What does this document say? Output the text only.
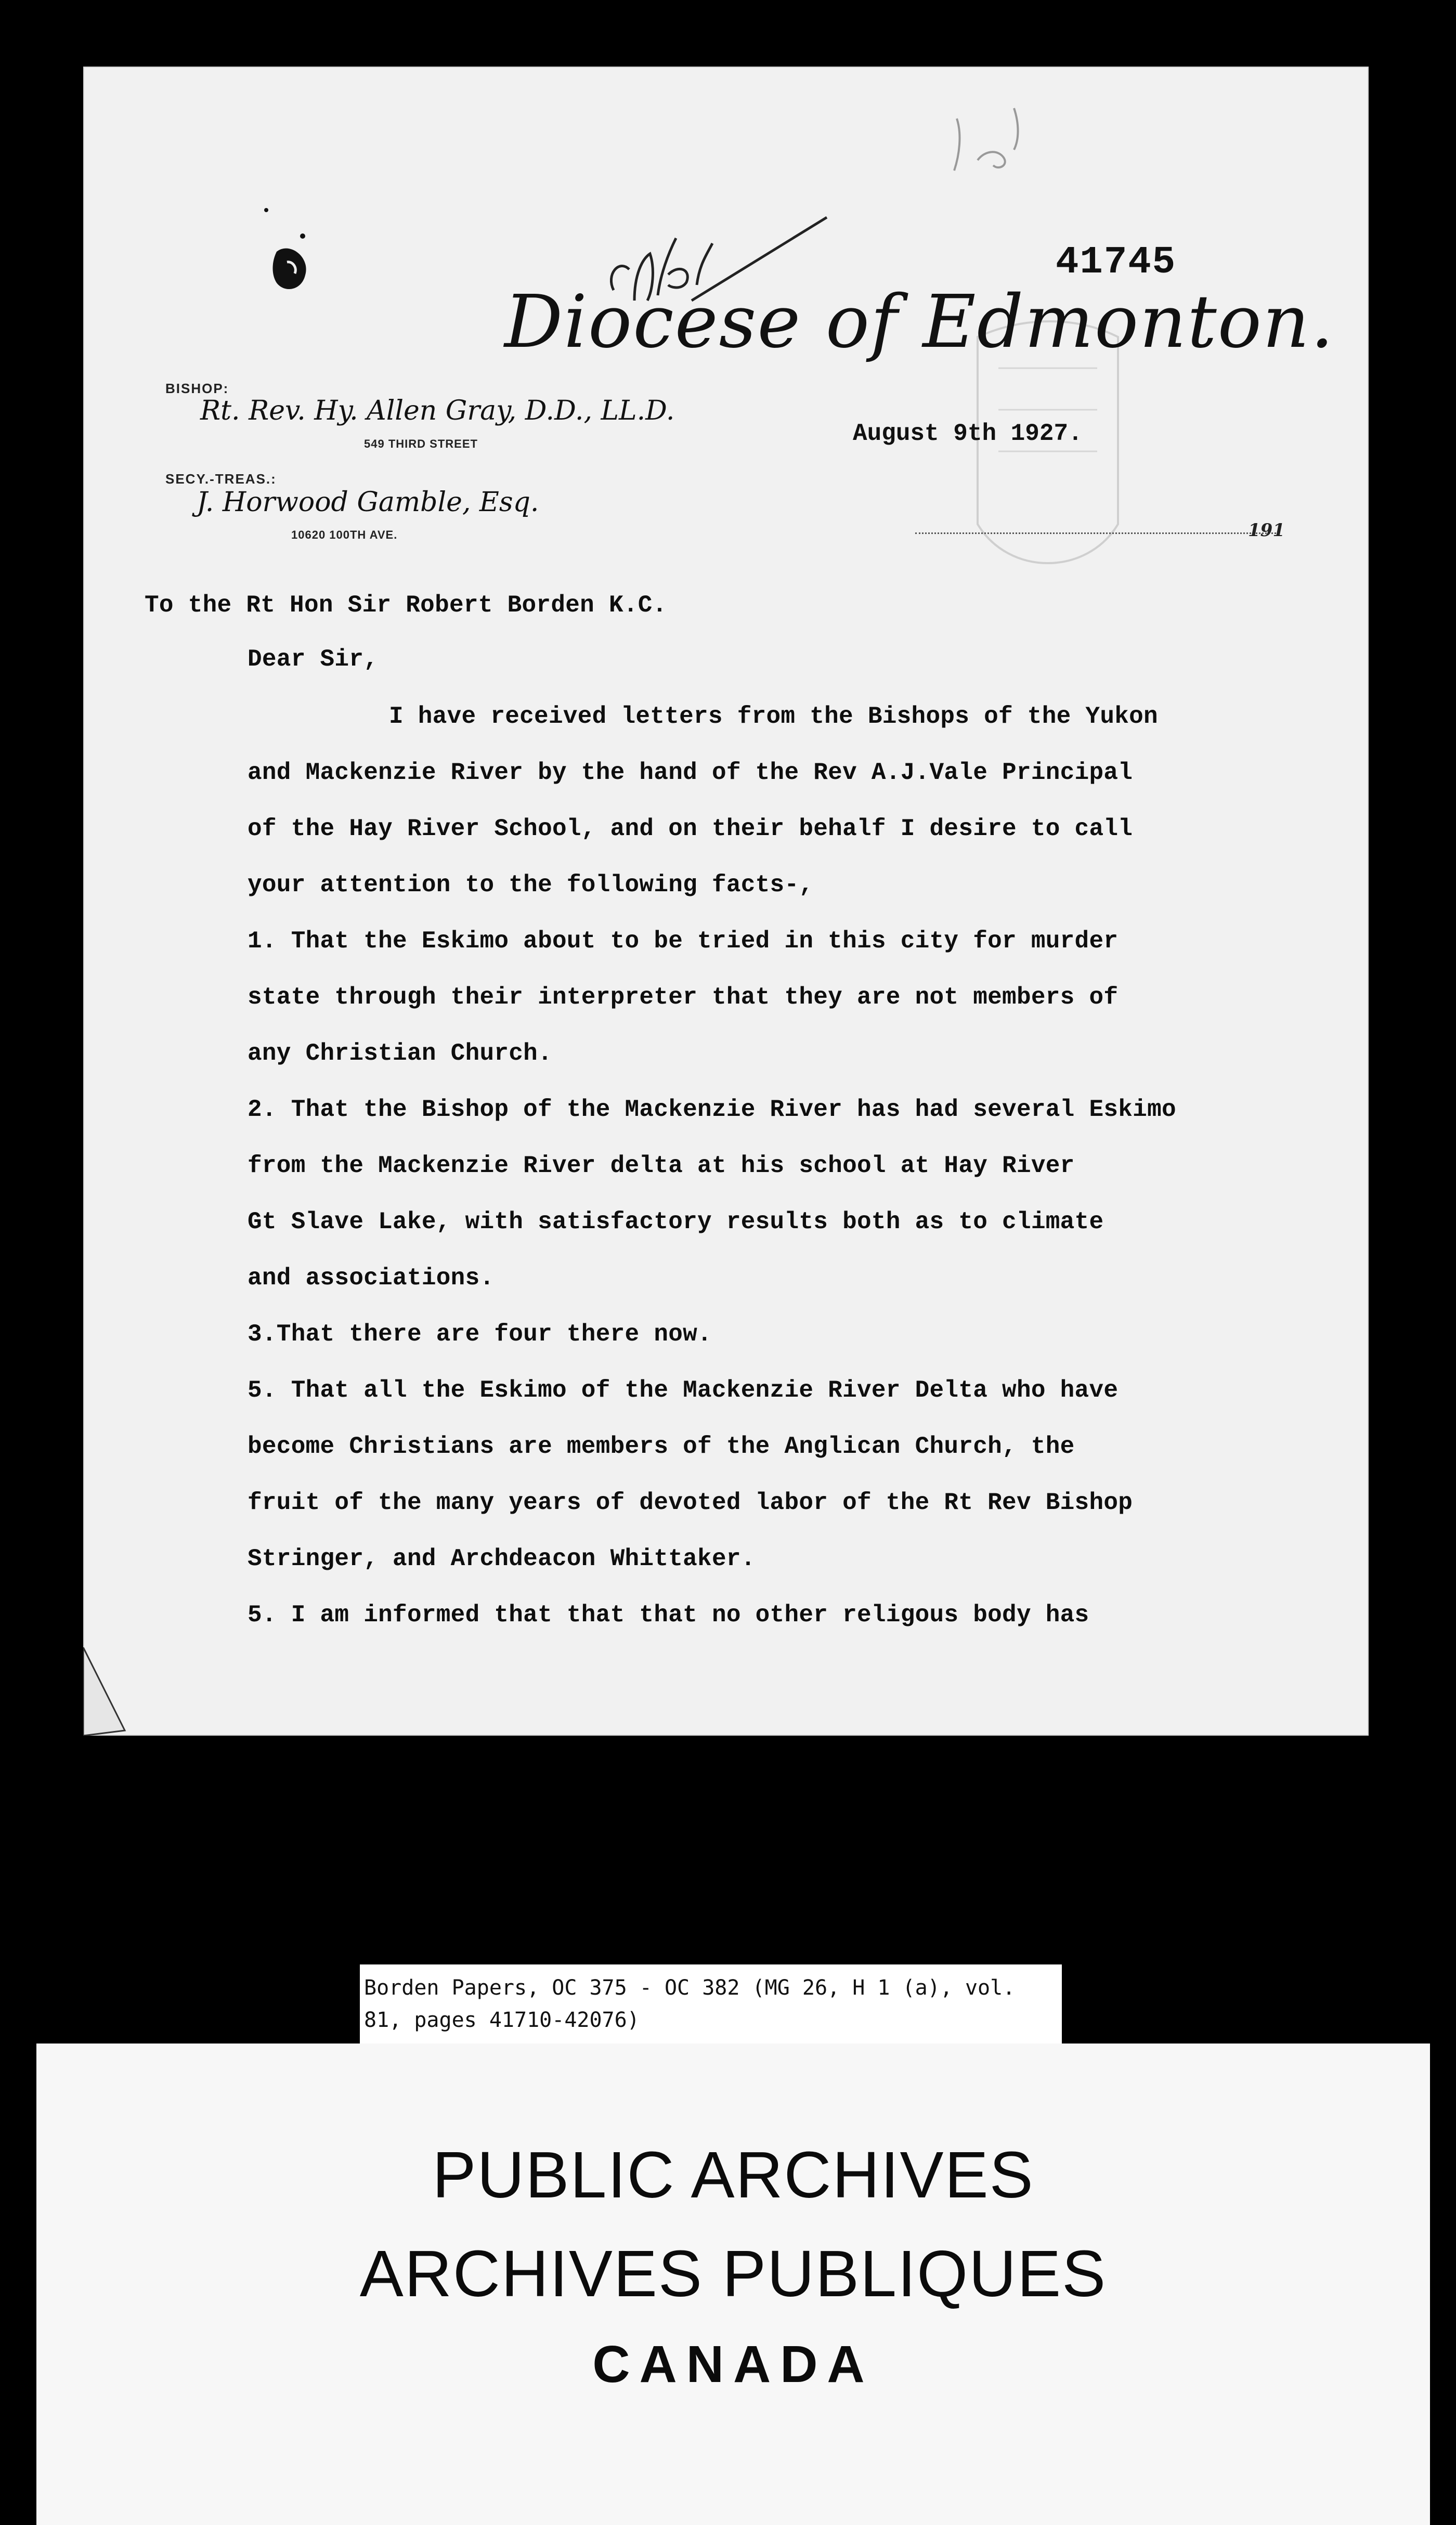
41745
Diocese of Edmonton.
BISHOP:
Rt. Rev. Hy. Allen Gray, D.D., LL.D.
549 THIRD STREET
SECY.-TREAS.:
J. Horwood Gamble, Esq.
10620 100TH AVE.
August 9th 1927.
191
To the Rt Hon Sir Robert Borden K.C.
Dear Sir,
I have received letters from the Bishops of the Yukon
and Mackenzie River by the hand of the Rev A.J.Vale Principal
of the Hay River School, and on their behalf I desire to call
your attention to the following facts-,
1. That the Eskimo about to be tried in this city for murder
state through their interpreter that they are not members of
any Christian Church.
2. That the Bishop of the Mackenzie River has had several Eskimo
from the Mackenzie River delta at his school at Hay River
Gt Slave Lake, with satisfactory results both as to climate
and associations.
3.That there are four there now.
5. That all the Eskimo of the Mackenzie River Delta who have
become Christians are members of the Anglican Church, the
fruit of the many years of devoted labor of the Rt Rev Bishop
Stringer, and Archdeacon Whittaker.
5. I am informed that that that no other religous body has
Borden Papers, OC 375 - OC 382 (MG 26, H 1 (a), vol.
81, pages 41710-42076)
PUBLIC ARCHIVES
ARCHIVES PUBLIQUES
CANADA
